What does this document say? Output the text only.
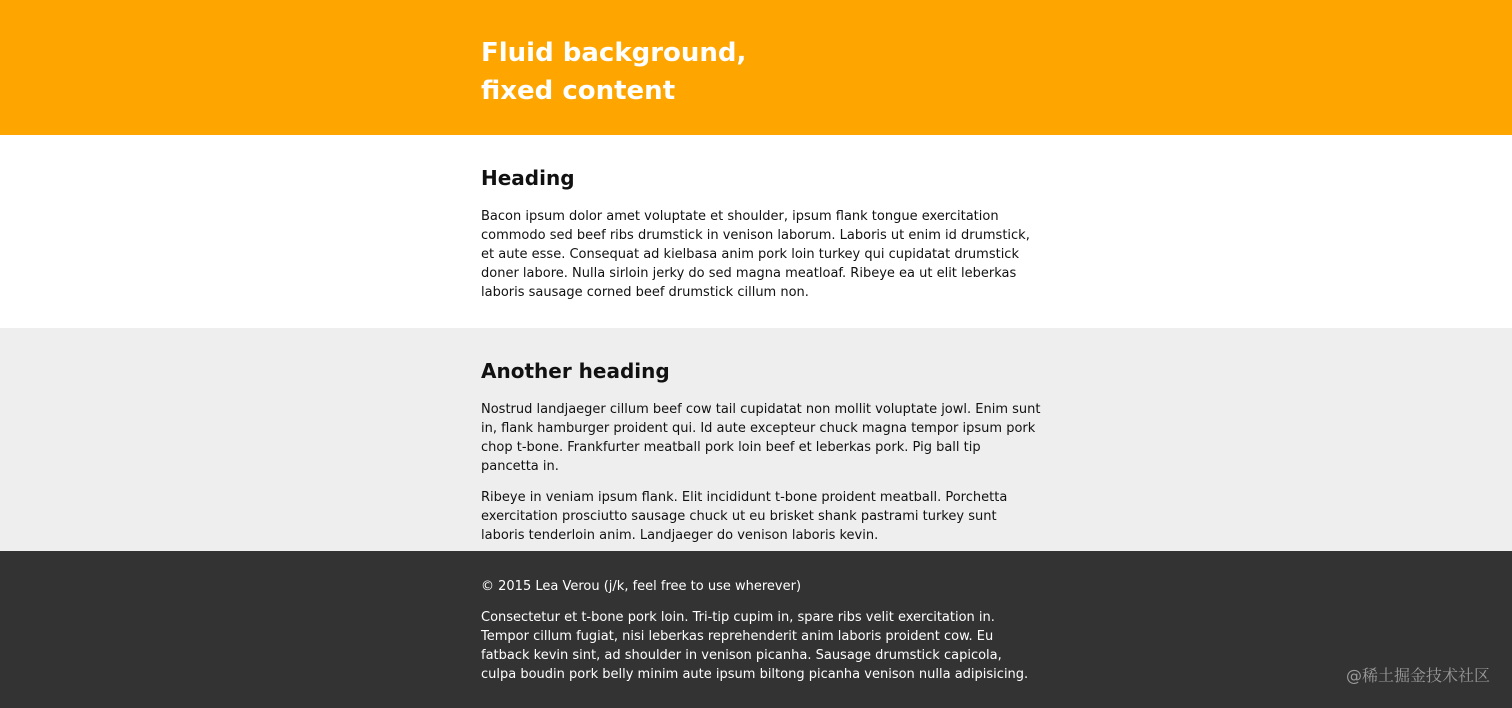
Fluid background,
fixed content
Heading

Bacon ipsum dolor amet voluptate et shoulder, ipsum flank tongue exercitation commodo sed beef ribs drumstick in venison laborum. Laboris ut enim id drumstick, et aute esse. Consequat ad kielbasa anim pork loin turkey qui cupidatat drumstick doner labore. Nulla sirloin jerky do sed magna meatloaf. Ribeye ea ut elit leberkas laboris sausage corned beef drumstick cillum non.

Another heading

Nostrud landjaeger cillum beef cow tail cupidatat non mollit voluptate jowl. Enim sunt in, flank hamburger proident qui. Id aute excepteur chuck magna tempor ipsum pork chop t-bone. Frankfurter meatball pork loin beef et leberkas pork. Pig ball tip pancetta in.

Ribeye in veniam ipsum flank. Elit incididunt t-bone proident meatball. Porchetta exercitation prosciutto sausage chuck ut eu brisket shank pastrami turkey sunt laboris tenderloin anim. Landjaeger do venison laboris kevin.

© 2015 Lea Verou (j/k, feel free to use wherever)

Consectetur et t-bone pork loin. Tri-tip cupim in, spare ribs velit exercitation in. Tempor cillum fugiat, nisi leberkas reprehenderit anim laboris proident cow. Eu fatback kevin sint, ad shoulder in venison picanha. Sausage drumstick capicola, culpa boudin pork belly minim aute ipsum biltong picanha venison nulla adipisicing.	@稀土掘金技术社区
